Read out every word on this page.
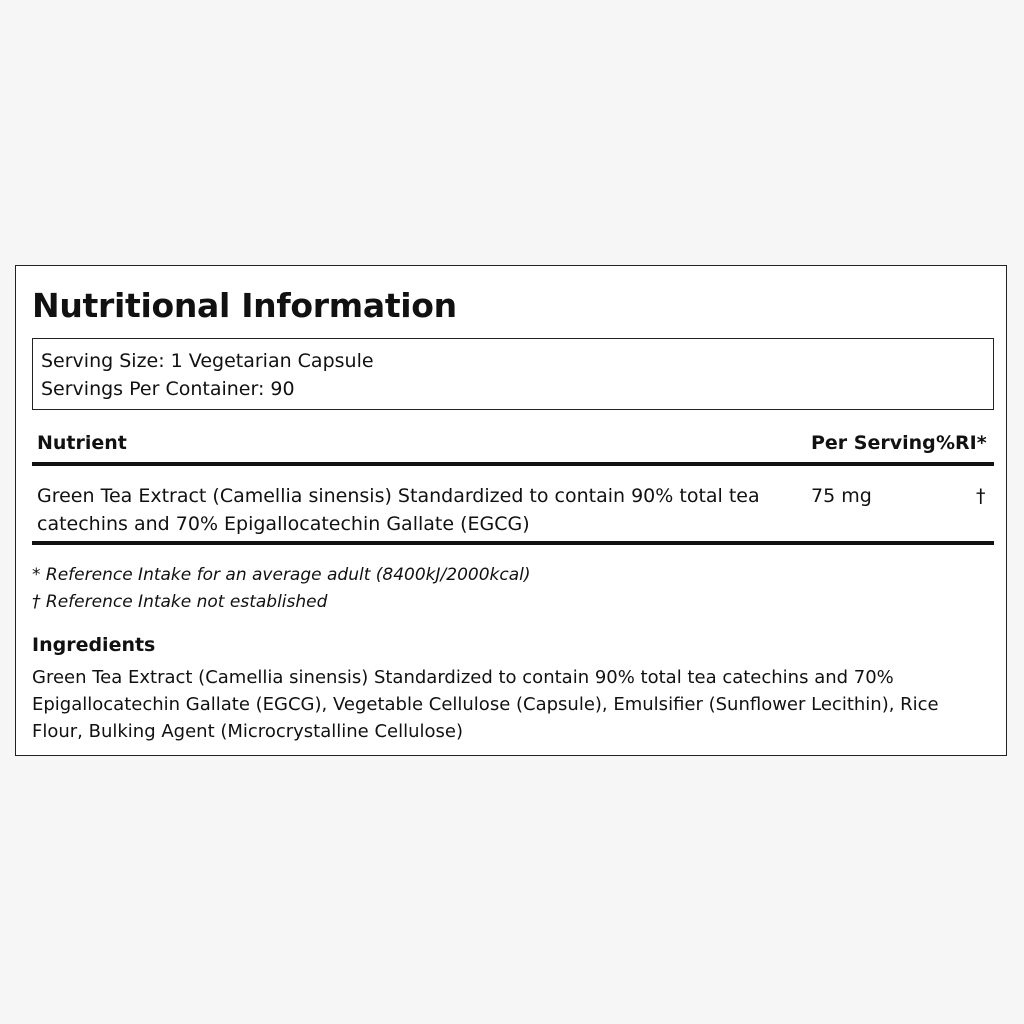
Nutritional Information
Serving Size: 1 Vegetarian Capsule
Servings Per Container: 90
Nutrient	Per Serving %RI*
Green Tea Extract (Camellia sinensis) Standardized to contain 90% total tea catechins and 70% Epigallocatechin Gallate (EGCG)
75 mg	†
* Reference Intake for an average adult (8400kJ/2000kcal)
† Reference Intake not established
Ingredients
Green Tea Extract (Camellia sinensis) Standardized to contain 90% total tea catechins and 70% Epigallocatechin Gallate (EGCG), Vegetable Cellulose (Capsule), Emulsifier (Sunflower Lecithin), Rice Flour, Bulking Agent (Microcrystalline Cellulose)
